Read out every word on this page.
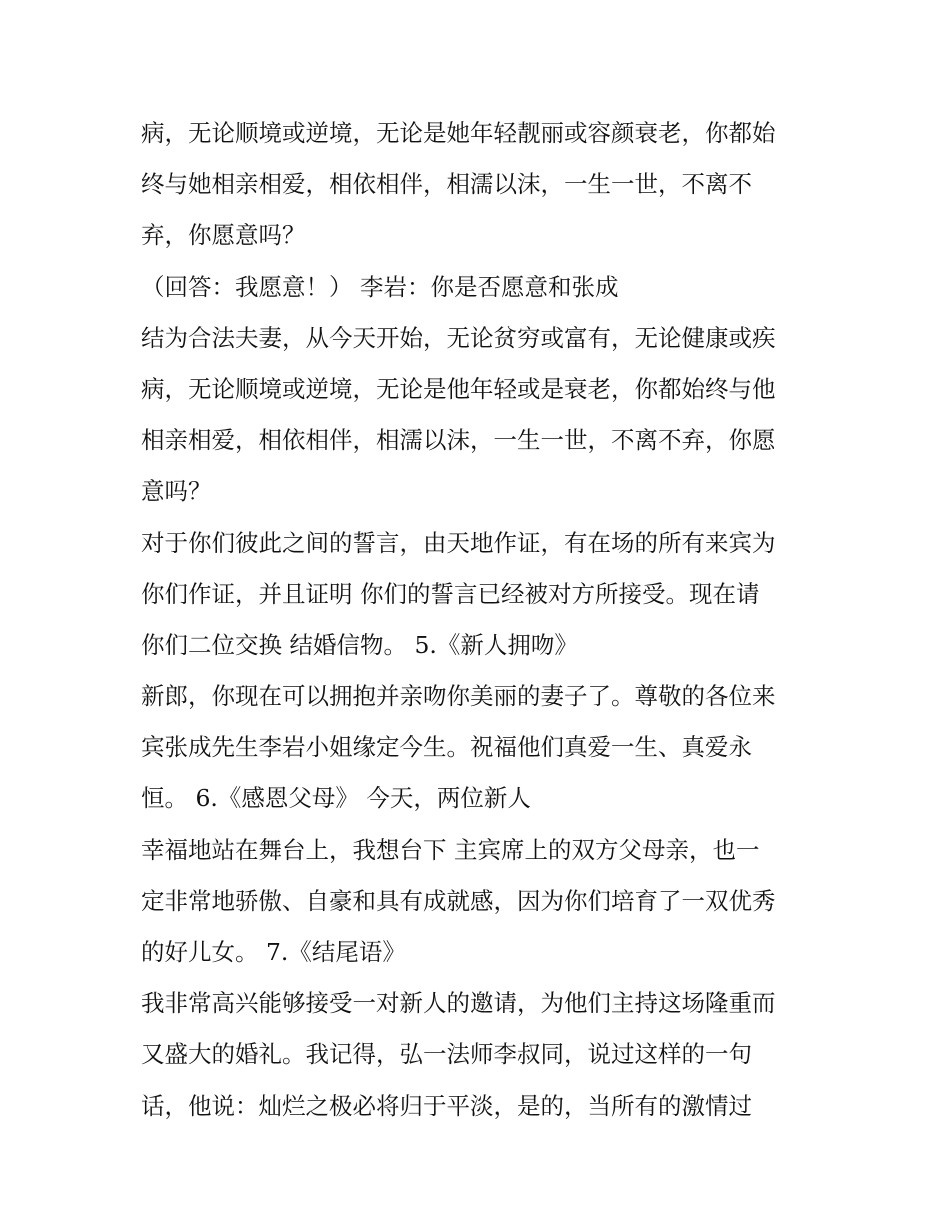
病，无论顺境或逆境，无论是她年轻靓丽或容颜衰老，你都始
终与她相亲相爱，相依相伴，相濡以沫，一生一世，不离不
弃，你愿意吗？
（回答：我愿意！） 李岩：你是否愿意和张成
结为合法夫妻，从今天开始，无论贫穷或富有，无论健康或疾
病，无论顺境或逆境，无论是他年轻或是衰老，你都始终与他
相亲相爱，相依相伴，相濡以沫，一生一世，不离不弃，你愿
意吗？
对于你们彼此之间的誓言，由天地作证，有在场的所有来宾为
你们作证，并且证明 你们的誓言已经被对方所接受。现在请
你们二位交换 结婚信物。 5.《新人拥吻》
新郎，你现在可以拥抱并亲吻你美丽的妻子了。尊敬的各位来
宾张成先生李岩小姐缘定今生。祝福他们真爱一生、真爱永
恒。 6.《感恩父母》 今天，两位新人
幸福地站在舞台上，我想台下 主宾席上的双方父母亲，也一
定非常地骄傲、自豪和具有成就感，因为你们培育了一双优秀
的好儿女。 7.《结尾语》
我非常高兴能够接受一对新人的邀请，为他们主持这场隆重而
又盛大的婚礼。我记得，弘一法师李叔同，说过这样的一句
话，他说：灿烂之极必将归于平淡，是的，当所有的激情过
